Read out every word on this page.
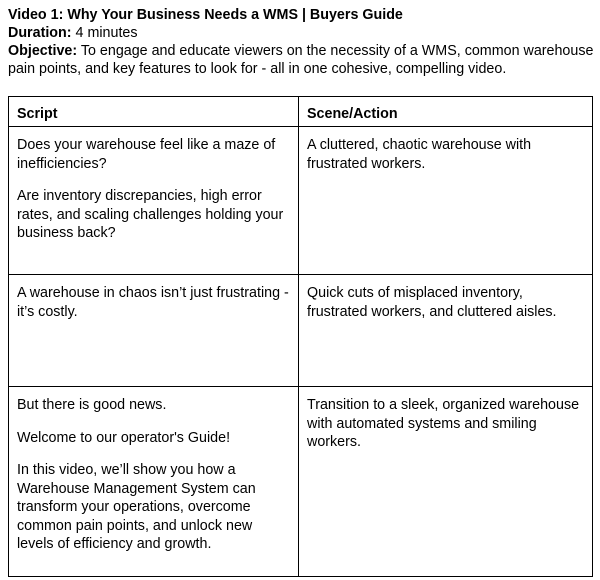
Video 1: Why Your Business Needs a WMS | Buyers Guide

Duration: 4 minutes

Objective: To engage and educate viewers on the necessity of a WMS, common warehouse pain points, and key features to look for - all in one cohesive, compelling video.

Script	Scene/Action

Does your warehouse feel like a maze of inefficiencies?

Are inventory discrepancies, high error rates, and scaling challenges holding your business back?	A cluttered, chaotic warehouse with frustrated workers.

A warehouse in chaos isn’t just frustrating - it’s costly.	Quick cuts of misplaced inventory, frustrated workers, and cluttered aisles.

But there is good news.

Welcome to our operator's Guide!

In this video, we’ll show you how a Warehouse Management System can transform your operations, overcome common pain points, and unlock new levels of efficiency and growth.	Transition to a sleek, organized warehouse with automated systems and smiling workers.
